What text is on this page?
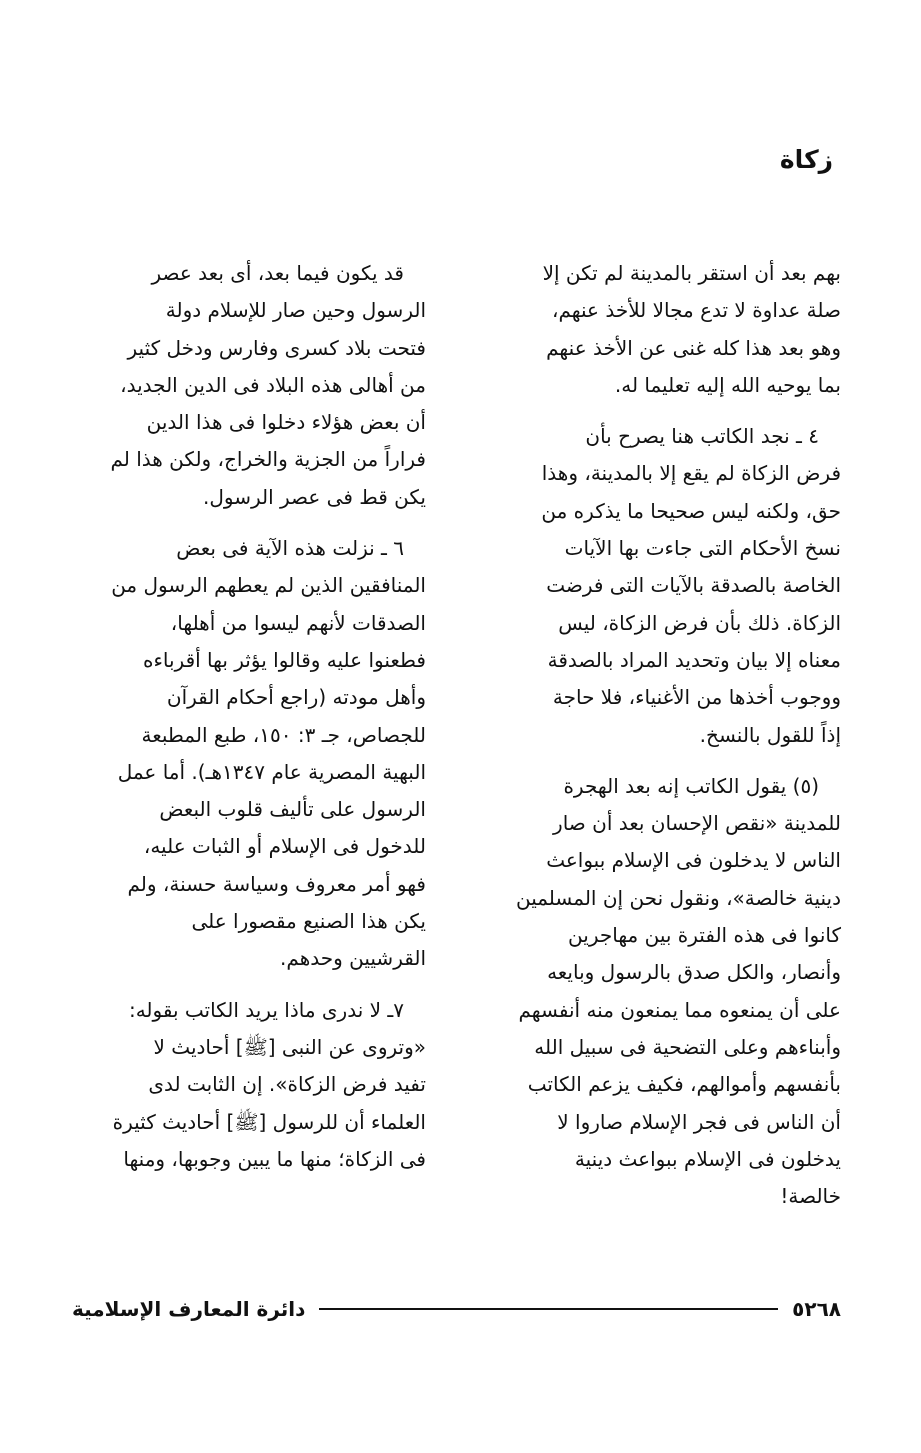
زكاة

بهم بعد أن استقر بالمدينة لم تكن إلا
صلة عداوة لا تدع مجالا للأخذ عنهم،
وهو بعد هذا كله غنى عن الأخذ عنهم
بما يوحيه الله إليه تعليما له.

٤ ـ نجد الكاتب هنا يصرح بأن
فرض الزكاة لم يقع إلا بالمدينة، وهذا
حق، ولكنه ليس صحيحا ما يذكره من
نسخ الأحكام التى جاءت بها الآيات
الخاصة بالصدقة بالآيات التى فرضت
الزكاة. ذلك بأن فرض الزكاة، ليس
معناه إلا بيان وتحديد المراد بالصدقة
ووجوب أخذها من الأغنياء، فلا حاجة
إذاً للقول بالنسخ.

(٥) يقول الكاتب إنه بعد الهجرة
للمدينة «نقص الإحسان بعد أن صار
الناس لا يدخلون فى الإسلام ببواعث
دينية خالصة»، ونقول نحن إن المسلمين
كانوا فى هذه الفترة بين مهاجرين
وأنصار، والكل صدق بالرسول وبايعه
على أن يمنعوه مما يمنعون منه أنفسهم
وأبناءهم وعلى التضحية فى سبيل الله
بأنفسهم وأموالهم، فكيف يزعم الكاتب
أن الناس فى فجر الإسلام صاروا لا
يدخلون فى الإسلام ببواعث دينية
خالصة!

قد يكون فيما بعد، أى بعد عصر
الرسول وحين صار للإسلام دولة
فتحت بلاد كسرى وفارس ودخل كثير
من أهالى هذه البلاد فى الدين الجديد،
أن بعض هؤلاء دخلوا فى هذا الدين
فراراً من الجزية والخراج، ولكن هذا لم
يكن قط فى عصر الرسول.

٦ ـ نزلت هذه الآية فى بعض
المنافقين الذين لم يعطهم الرسول من
الصدقات لأنهم ليسوا من أهلها،
فطعنوا عليه وقالوا يؤثر بها أقرباءه
وأهل مودته (راجع أحكام القرآن
للجصاص، جـ ٣: ١٥٠، طبع المطبعة
البهية المصرية عام ١٣٤٧هـ). أما عمل
الرسول على تأليف قلوب البعض
للدخول فى الإسلام أو الثبات عليه،
فهو أمر معروف وسياسة حسنة، ولم
يكن هذا الصنيع مقصورا على
القرشيين وحدهم.

٧ـ لا ندرى ماذا يريد الكاتب بقوله:
«وتروى عن النبى [ﷺ] أحاديث لا
تفيد فرض الزكاة». إن الثابت لدى
العلماء أن للرسول [ﷺ] أحاديث كثيرة
فى الزكاة؛ منها ما يبين وجوبها، ومنها

٥٢٦٨
دائرة المعارف الإسلامية
